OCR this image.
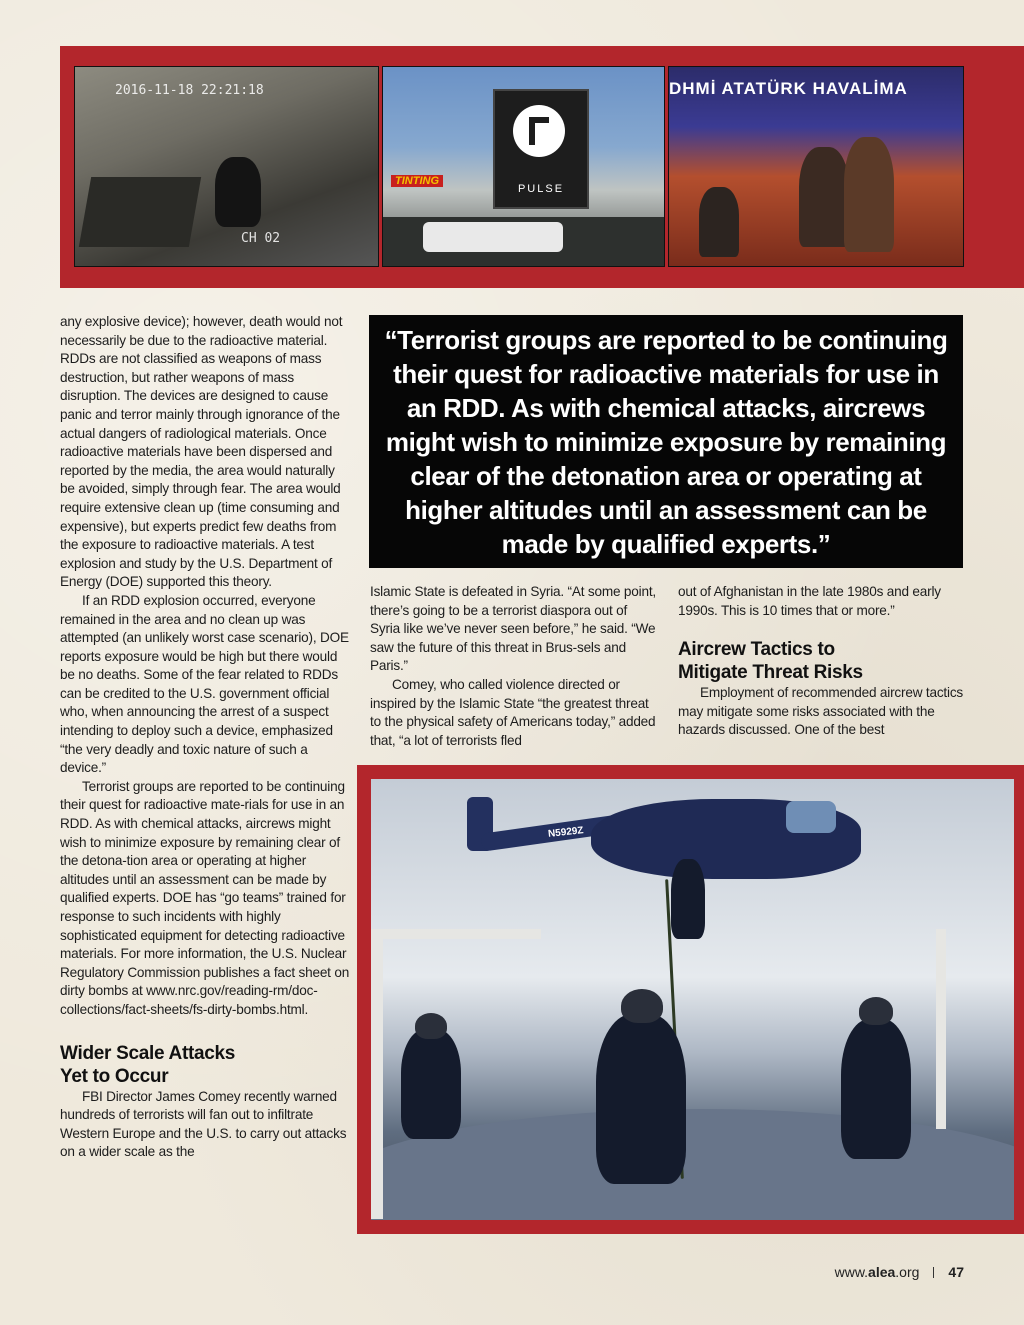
2016-11-18 22:21:18
CH 02
PULSE
TINTING
DHMİ ATATÜRK HAVALİMA

any explosive device); however, death would not necessarily be due to the radioactive material. RDDs are not classified as weapons of mass destruction, but rather weapons of mass disruption. The devices are designed to cause panic and terror mainly through ignorance of the actual dangers of radiological materials. Once radioactive materials have been dispersed and reported by the media, the area would naturally be avoided, simply through fear. The area would require extensive clean up (time consuming and expensive), but experts predict few deaths from the exposure to radioactive materials. A test explosion and study by the U.S. Department of Energy (DOE) supported this theory.

If an RDD explosion occurred, everyone remained in the area and no clean up was attempted (an unlikely worst case scenario), DOE reports exposure would be high but there would be no deaths. Some of the fear related to RDDs can be credited to the U.S. government official who, when announcing the arrest of a suspect intending to deploy such a device, emphasized “the very deadly and toxic nature of such a device.”

Terrorist groups are reported to be continuing their quest for radioactive mate-rials for use in an RDD. As with chemical attacks, aircrews might wish to minimize exposure by remaining clear of the detona-tion area or operating at higher altitudes until an assessment can be made by qualified experts. DOE has “go teams” trained for response to such incidents with highly sophisticated equipment for detecting radioactive materials. For more information, the U.S. Nuclear Regulatory Commission publishes a fact sheet on dirty bombs at www.nrc.gov/reading-rm/doc-collections/fact-sheets/fs-dirty-bombs.html.

Wider Scale Attacks
Yet to Occur

FBI Director James Comey recently warned hundreds of terrorists will fan out to infiltrate Western Europe and the U.S. to carry out attacks on a wider scale as the

“Terrorist groups are reported to be continuing their quest for radioactive materials for use in an RDD. As with chemical attacks, aircrews might wish to minimize exposure by remaining clear of the detonation area or operating at higher altitudes until an assessment can be made by qualified experts.”

Islamic State is defeated in Syria. “At some point, there’s going to be a terrorist diaspora out of Syria like we’ve never seen before,” he said. “We saw the future of this threat in Brus-sels and Paris.”

Comey, who called violence directed or inspired by the Islamic State “the greatest threat to the physical safety of Americans today,” added that, “a lot of terrorists fled

out of Afghanistan in the late 1980s and early 1990s. This is 10 times that or more.”

Aircrew Tactics to
Mitigate Threat Risks

Employment of recommended aircrew tactics may mitigate some risks associated with the hazards discussed. One of the best

N5929Z
www.alea.org 47
